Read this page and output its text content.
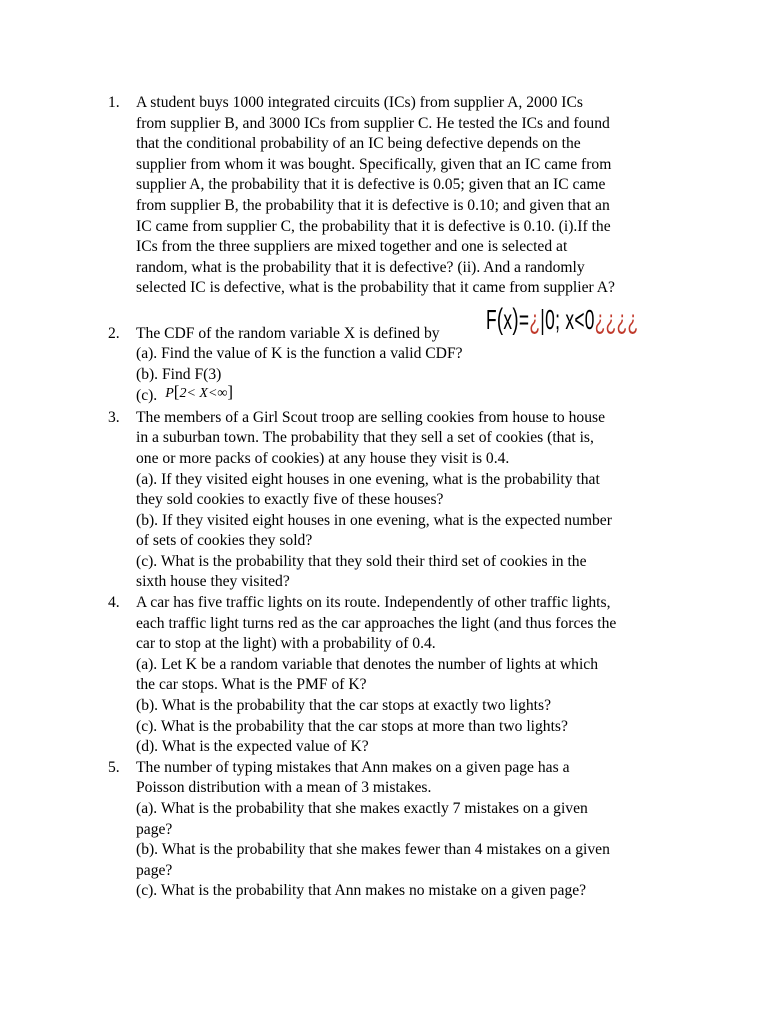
1. A student buys 1000 integrated circuits (ICs) from supplier A, 2000 ICs
from supplier B, and 3000 ICs from supplier C. He tested the ICs and found
that the conditional probability of an IC being defective depends on the
supplier from whom it was bought. Specifically, given that an IC came from
supplier A, the probability that it is defective is 0.05; given that an IC came
from supplier B, the probability that it is defective is 0.10; and given that an
IC came from supplier C, the probability that it is defective is 0.10. (i).If the
ICs from the three suppliers are mixed together and one is selected at
random, what is the probability that it is defective? (ii). And a randomly
selected IC is defective, what is the probability that it came from supplier A?
2. The CDF of the random variable X is defined by F(x)=¿|0; x<0¿¿¿¿
(a). Find the value of K is the function a valid CDF?
(b). Find F(3)
(c). P[2< X<∞]
3. The members of a Girl Scout troop are selling cookies from house to house
in a suburban town. The probability that they sell a set of cookies (that is,
one or more packs of cookies) at any house they visit is 0.4.
(a). If they visited eight houses in one evening, what is the probability that
they sold cookies to exactly five of these houses?
(b). If they visited eight houses in one evening, what is the expected number
of sets of cookies they sold?
(c). What is the probability that they sold their third set of cookies in the
sixth house they visited?
4. A car has five traffic lights on its route. Independently of other traffic lights,
each traffic light turns red as the car approaches the light (and thus forces the
car to stop at the light) with a probability of 0.4.
(a). Let K be a random variable that denotes the number of lights at which
the car stops. What is the PMF of K?
(b). What is the probability that the car stops at exactly two lights?
(c). What is the probability that the car stops at more than two lights?
(d). What is the expected value of K?
5. The number of typing mistakes that Ann makes on a given page has a
Poisson distribution with a mean of 3 mistakes.
(a). What is the probability that she makes exactly 7 mistakes on a given
page?
(b). What is the probability that she makes fewer than 4 mistakes on a given
page?
(c). What is the probability that Ann makes no mistake on a given page?
